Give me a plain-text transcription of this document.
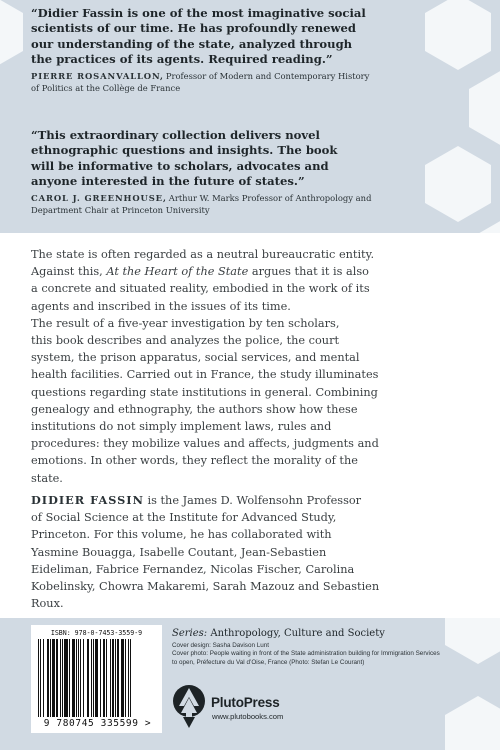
“Didier Fassin is one of the most imaginative social
scientists of our time. He has profoundly renewed
our understanding of the state, analyzed through
the practices of its agents. Required reading.”
PIERRE ROSANVALLON, Professor of Modern and Contemporary History
of Politics at the Collège de France
“This extraordinary collection delivers novel
ethnographic questions and insights. The book
will be informative to scholars, advocates and
anyone interested in the future of states.”
CAROL J. GREENHOUSE, Arthur W. Marks Professor of Anthropology and
Department Chair at Princeton University

The state is often regarded as a neutral bureaucratic entity.

Against this, At the Heart of the State argues that it is also

a concrete and situated reality, embodied in the work of its

agents and inscribed in the issues of its time.

The result of a five-year investigation by ten scholars,

this book describes and analyzes the police, the court

system, the prison apparatus, social services, and mental

health facilities. Carried out in France, the study illuminates

questions regarding state institutions in general. Combining

genealogy and ethnography, the authors show how these

institutions do not simply implement laws, rules and

procedures: they mobilize values and affects, judgments and

emotions. In other words, they reflect the morality of the

state.

DIDIER FASSIN is the James D. Wolfensohn Professor
of Social Science at the Institute for Advanced Study,
Princeton. For this volume, he has collaborated with
Yasmine Bouagga, Isabelle Coutant, Jean-Sebastien
Eideliman, Fabrice Fernandez, Nicolas Fischer, Carolina
Kobelinsky, Chowra Makaremi, Sarah Mazouz and Sebastien
Roux.
ISBN: 978-0-7453-3559-9
9 780745 335599 >
Series: Anthropology, Culture and Society
Cover design: Sasha Davison Lunt
Cover photo: People waiting in front of the State administration building for Immigration Services
to open, Préfecture du Val d’Oise, France (Photo: Stefan Le Courant)
PlutoPress
www.plutobooks.com
